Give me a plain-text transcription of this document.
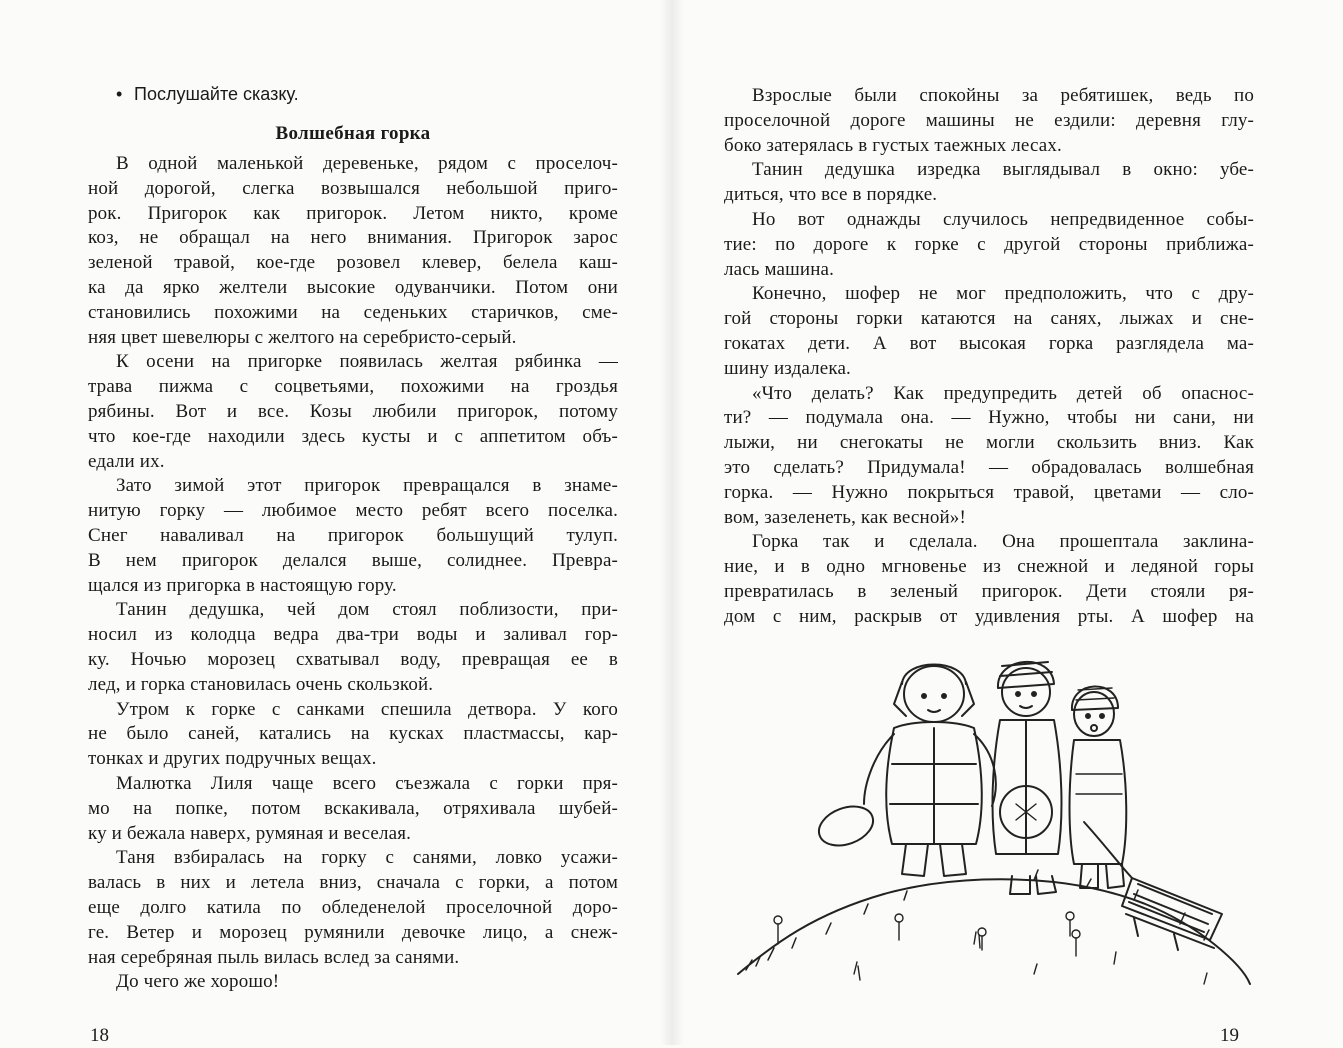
• Послушайте сказку.
Волшебная горка
В одной маленькой деревеньке, рядом с проселоч-
ной дорогой, слегка возвышался небольшой приго-
рок. Пригорок как пригорок. Летом никто, кроме
коз, не обращал на него внимания. Пригорок зарос
зеленой травой, кое-где розовел клевер, белела каш-
ка да ярко желтели высокие одуванчики. Потом они
становились похожими на седеньких старичков, сме-
няя цвет шевелюры с желтого на серебристо-серый.
К осени на пригорке появилась желтая рябинка —
трава пижма с соцветьями, похожими на гроздья
рябины. Вот и все. Козы любили пригорок, потому
что кое-где находили здесь кусты и с аппетитом объ-
едали их.
Зато зимой этот пригорок превращался в знаме-
нитую горку — любимое место ребят всего поселка.
Снег наваливал на пригорок большущий тулуп.
В нем пригорок делался выше, солиднее. Превра-
щался из пригорка в настоящую гору.
Танин дедушка, чей дом стоял поблизости, при-
носил из колодца ведра два-три воды и заливал гор-
ку. Ночью морозец схватывал воду, превращая ее в
лед, и горка становилась очень скользкой.
Утром к горке с санками спешила детвора. У кого
не было саней, катались на кусках пластмассы, кар-
тонках и других подручных вещах.
Малютка Лиля чаще всего съезжала с горки пря-
мо на попке, потом вскакивала, отряхивала шубей-
ку и бежала наверх, румяная и веселая.
Таня взбиралась на горку с санями, ловко усажи-
валась в них и летела вниз, сначала с горки, а потом
еще долго катила по обледенелой проселочной доро-
ге. Ветер и морозец румянили девочке лицо, а снеж-
ная серебряная пыль вилась вслед за санями.
До чего же хорошо!
18
Взрослые были спокойны за ребятишек, ведь по
проселочной дороге машины не ездили: деревня глу-
боко затерялась в густых таежных лесах.
Танин дедушка изредка выглядывал в окно: убе-
диться, что все в порядке.
Но вот однажды случилось непредвиденное собы-
тие: по дороге к горке с другой стороны приближа-
лась машина.
Конечно, шофер не мог предположить, что с дру-
гой стороны горки катаются на санях, лыжах и сне-
гокатах дети. А вот высокая горка разглядела ма-
шину издалека.
«Что делать? Как предупредить детей об опаснос-
ти? — подумала она. — Нужно, чтобы ни сани, ни
лыжи, ни снегокаты не могли скользить вниз. Как
это сделать? Придумала! — обрадовалась волшебная
горка. — Нужно покрыться травой, цветами — сло-
вом, зазеленеть, как весной»!
Горка так и сделала. Она прошептала заклина-
ние, и в одно мгновенье из снежной и ледяной горы
превратилась в зеленый пригорок. Дети стояли ря-
дом с ним, раскрыв от удивления рты. А шофер на
19
